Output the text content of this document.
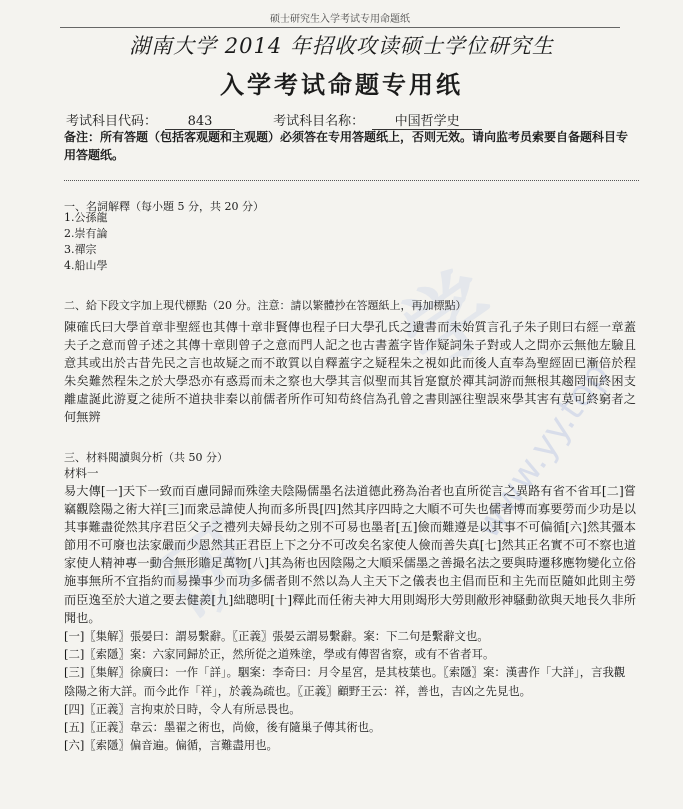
学
研
www.yy.top
硕士研究生入学考试专用命题纸
湖南大学 2014 年招收攻读硕士学位研究生
入学考试命题专用纸
考试科目代码： 843	考试科目名称： 中国哲学史
备注：所有答题（包括客观题和主观题）必须答在专用答题纸上，否则无效。请向监考员索要自备题科目专用答题纸。
一、名詞解釋（每小題 5 分，共 20 分）
1.公孫龍
2.崇有論
3.禪宗
4.船山學
二、給下段文字加上現代標點（20 分。注意：請以繁體抄在答題紙上，再加標點）
陳確氏曰大學首章非聖經也其傳十章非賢傳也程子曰大學孔氏之遺書而未始質言孔子朱子則曰右經一章蓋夫子之意而曾子述之其傳十章則曾子之意而門人記之也古書蓋字皆作疑詞朱子對或人之問亦云無他左驗且意其或出於古昔先民之言也故疑之而不敢質以自釋蓋字之疑程朱之視如此而後人直奉為聖經固已漸倍於程朱矣難然程朱之於大學恐亦有惑焉而未之察也大學其言似聖而其旨寔竄於禪其詞游而無根其趨罔而終困支離虛誕此游夏之徒所不道抉非秦以前儒者所作可知苟終信為孔曾之書則誣往聖誤來學其害有莫可終窮者之何無辨
三、材料閱讀與分析（共 50 分）
材料一
易大傳[一]天下一致而百慮同歸而殊塗夫陰陽儒墨名法道德此務為治者也直所從言之異路有省不省耳[二]嘗竊觀陰陽之術大祥[三]而衆忌諱使人拘而多所畏[四]然其序四時之大順不可失也儒者博而寡要勞而少功是以其事難盡從然其序君臣父子之禮列夫婦長幼之別不可易也墨者[五]儉而難遵是以其事不可偏循[六]然其彊本節用不可廢也法家嚴而少恩然其正君臣上下之分不可改矣名家使人儉而善失真[七]然其正名實不可不察也道家使人精神專一動合無形贍足萬物[八]其為術也因陰陽之大順采儒墨之善撮名法之要與時遷移應物變化立俗施事無所不宜指約而易操事少而功多儒者則不然以為人主天下之儀表也主倡而臣和主先而臣隨如此則主勞而臣逸至於大道之要去健羨[九]絀聰明[十]釋此而任術夫神大用則竭形大勞則敝形神騷動欲與天地長久非所聞也。

[一]〖集解〗張晏曰：謂易繫辭。〖正義〗張晏云謂易繫辭。案：下二句是繫辭文也。

[二]〖索隱〗案：六家同歸於正，然所從之道殊塗，學或有傳習省察，或有不省者耳。

[三]〖集解〗徐廣曰：一作「詳」。駰案：李奇曰：月令星宮，是其枝葉也。〖索隱〗案：漢書作「大詳」，言我觀陰陽之術大詳。而今此作「祥」，於義為疏也。〖正義〗顧野王云：祥，善也，吉凶之先見也。

[四]〖正義〗言拘束於日時，令人有所忌畏也。

[五]〖正義〗韋云：墨翟之術也，尚儉，後有隨巢子傳其術也。

[六]〖索隱〗偏音遍。偏循，言難盡用也。
